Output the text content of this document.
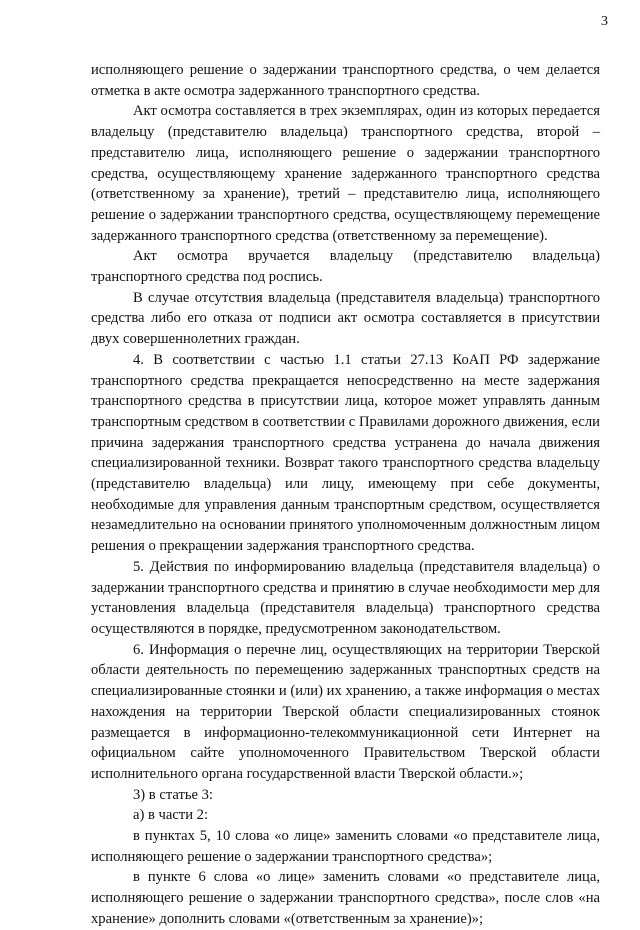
3

исполняющего решение о задержании транспортного средства, о чем делается отметка в акте осмотра задержанного транспортного средства.

Акт осмотра составляется в трех экземплярах, один из которых передается владельцу (представителю владельца) транспортного средства, второй – представителю лица, исполняющего решение о задержании транспортного средства, осуществляющему хранение задержанного транспортного средства (ответственному за хранение), третий – представителю лица, исполняющего решение о задержании транспортного средства, осуществляющему перемещение задержанного транспортного средства (ответственному за перемещение).

Акт осмотра вручается владельцу (представителю владельца) транспортного средства под роспись.

В случае отсутствия владельца (представителя владельца) транспортного средства либо его отказа от подписи акт осмотра составляется в присутствии двух совершеннолетних граждан.

4. В соответствии с частью 1.1 статьи 27.13 КоАП РФ задержание транспортного средства прекращается непосредственно на месте задержания транспортного средства в присутствии лица, которое может управлять данным транспортным средством в соответствии с Правилами дорожного движения, если причина задержания транспортного средства устранена до начала движения специализированной техники. Возврат такого транспортного средства владельцу (представителю владельца) или лицу, имеющему при себе документы, необходимые для управления данным транспортным средством, осуществляется незамедлительно на основании принятого уполномоченным должностным лицом решения о прекращении задержания транспортного средства.

5. Действия по информированию владельца (представителя владельца) о задержании транспортного средства и принятию в случае необходимости мер для установления владельца (представителя владельца) транспортного средства осуществляются в порядке, предусмотренном законодательством.

6. Информация о перечне лиц, осуществляющих на территории Тверской области деятельность по перемещению задержанных транспортных средств на специализированные стоянки и (или) их хранению, а также информация о местах нахождения на территории Тверской области специализированных стоянок размещается в информационно-телекоммуникационной сети Интернет на официальном сайте уполномоченного Правительством Тверской области исполнительного органа государственной власти Тверской области.»;

3) в статье 3:

а) в части 2:

в пунктах 5, 10 слова «о лице» заменить словами «о представителе лица, исполняющего решение о задержании транспортного средства»;

в пункте 6 слова «о лице» заменить словами «о представителе лица, исполняющего решение о задержании транспортного средства», после слов «на хранение» дополнить словами «(ответственным за хранение)»;
